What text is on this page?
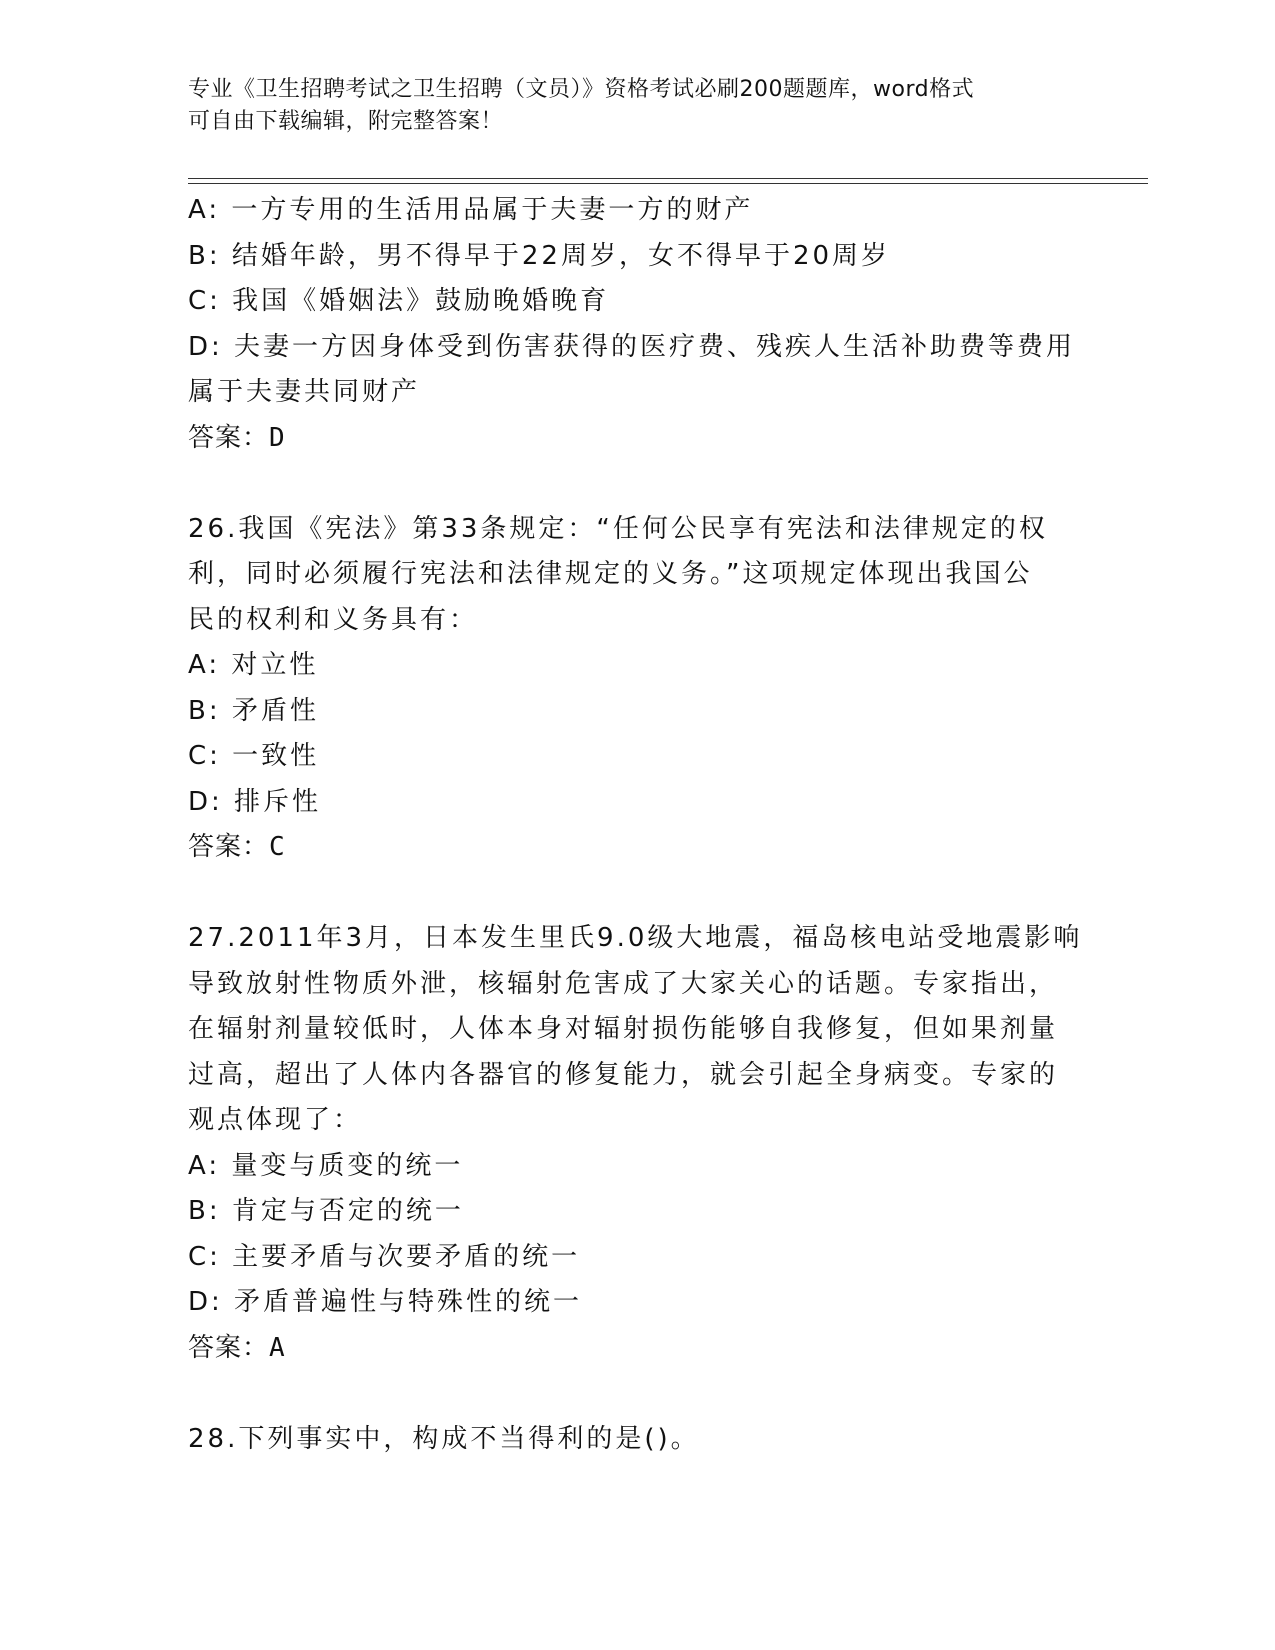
专业《卫生招聘考试之卫生招聘（文员）》资格考试必刷200题题库，word格式
可自由下载编辑，附完整答案！
A: 一方专用的生活用品属于夫妻一方的财产
B: 结婚年龄，男不得早于22周岁，女不得早于20周岁
C: 我国《婚姻法》鼓励晚婚晚育
D: 夫妻一方因身体受到伤害获得的医疗费、残疾人生活补助费等费用
属于夫妻共同财产
答案：D
26.我国《宪法》第33条规定：“任何公民享有宪法和法律规定的权
利，同时必须履行宪法和法律规定的义务。”这项规定体现出我国公
民的权利和义务具有：
A: 对立性
B: 矛盾性
C: 一致性
D: 排斥性
答案：C
27.2011年3月，日本发生里氏9.0级大地震，福岛核电站受地震影响
导致放射性物质外泄，核辐射危害成了大家关心的话题。专家指出，
在辐射剂量较低时，人体本身对辐射损伤能够自我修复，但如果剂量
过高，超出了人体内各器官的修复能力，就会引起全身病变。专家的
观点体现了：
A: 量变与质变的统一
B: 肯定与否定的统一
C: 主要矛盾与次要矛盾的统一
D: 矛盾普遍性与特殊性的统一
答案：A
28.下列事实中，构成不当得利的是()。
